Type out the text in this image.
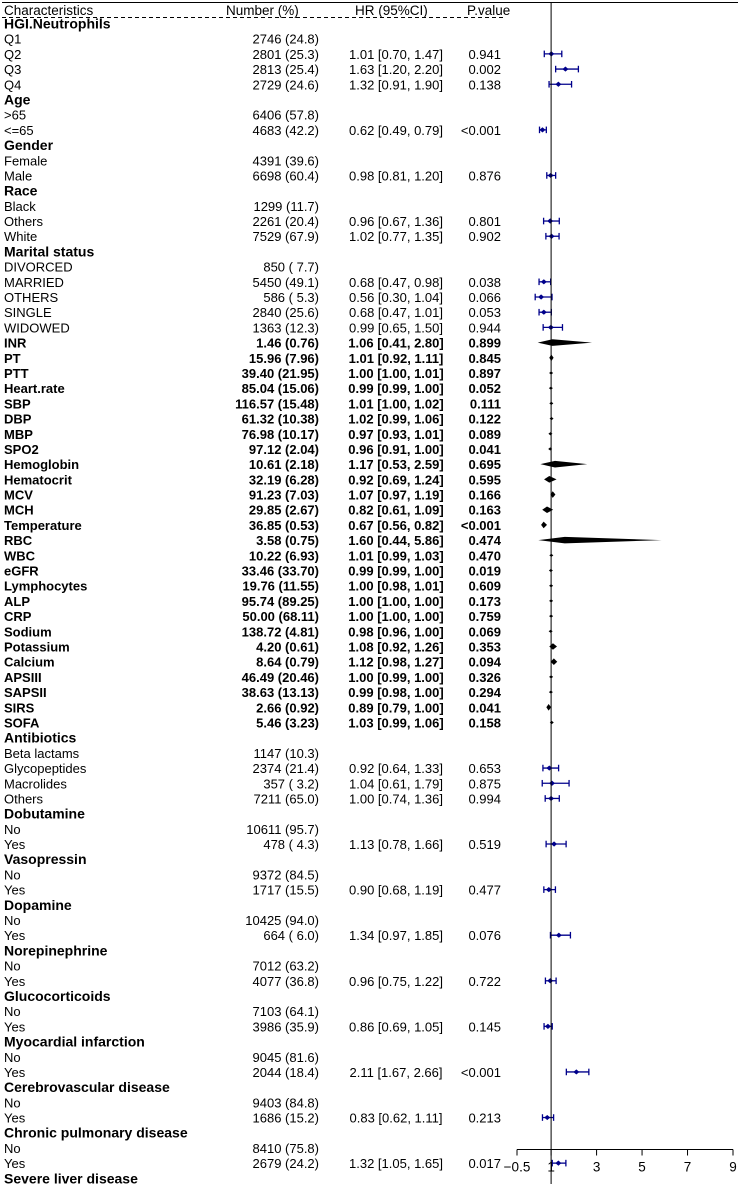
Characteristics	Number (%)	HR (95%CI)	P.value
HGI.Neutrophils
Q1	2746 (24.8)
Q2	2801 (25.3) 1.01 [0.70, 1.47] 0.941
Q3	2813 (25.4) 1.63 [1.20, 2.20] 0.002
Q4	2729 (24.6) 1.32 [0.91, 1.90] 0.138
Age
>65	6406 (57.8)
<=65	4683 (42.2) 0.62 [0.49, 0.79] <0.001
Gender
Female	4391 (39.6)
Male	6698 (60.4) 0.98 [0.81, 1.20] 0.876
Race
Black	1299 (11.7)
Others	2261 (20.4) 0.96 [0.67, 1.36] 0.801
White	7529 (67.9) 1.02 [0.77, 1.35] 0.902
Marital status
DIVORCED	850 ( 7.7)
MARRIED	5450 (49.1) 0.68 [0.47, 0.98] 0.038
OTHERS	586 ( 5.3) 0.56 [0.30, 1.04] 0.066
SINGLE	2840 (25.6) 0.68 [0.47, 1.01] 0.053
WIDOWED	1363 (12.3) 0.99 [0.65, 1.50] 0.944
INR	1.46 (0.76) 1.06 [0.41, 2.80] 0.899
PT	15.96 (7.96) 1.01 [0.92, 1.11] 0.845
PTT	39.40 (21.95) 1.00 [1.00, 1.01] 0.897
Heart.rate	85.04 (15.06) 0.99 [0.99, 1.00] 0.052
SBP	116.57 (15.48) 1.01 [1.00, 1.02] 0.111
DBP	61.32 (10.38) 1.02 [0.99, 1.06] 0.122
MBP	76.98 (10.17) 0.97 [0.93, 1.01] 0.089
SPO2	97.12 (2.04) 0.96 [0.91, 1.00] 0.041
Hemoglobin	10.61 (2.18) 1.17 [0.53, 2.59] 0.695
Hematocrit	32.19 (6.28) 0.92 [0.69, 1.24] 0.595
MCV	91.23 (7.03) 1.07 [0.97, 1.19] 0.166
MCH	29.85 (2.67) 0.82 [0.61, 1.09] 0.163
Temperature	36.85 (0.53) 0.67 [0.56, 0.82] <0.001
RBC	3.58 (0.75) 1.60 [0.44, 5.86] 0.474
WBC	10.22 (6.93) 1.01 [0.99, 1.03] 0.470
eGFR	33.46 (33.70) 0.99 [0.99, 1.00] 0.019
Lymphocytes	19.76 (11.55) 1.00 [0.98, 1.01] 0.609
ALP	95.74 (89.25) 1.00 [1.00, 1.00] 0.173
CRP	50.00 (68.11) 1.00 [1.00, 1.00] 0.759
Sodium	138.72 (4.81) 0.98 [0.96, 1.00] 0.069
Potassium	4.20 (0.61) 1.08 [0.92, 1.26] 0.353
Calcium	8.64 (0.79) 1.12 [0.98, 1.27] 0.094
APSIII	46.49 (20.46) 1.00 [0.99, 1.00] 0.326
SAPSII	38.63 (13.13) 0.99 [0.98, 1.00] 0.294
SIRS	2.66 (0.92) 0.89 [0.79, 1.00] 0.041
SOFA	5.46 (3.23) 1.03 [0.99, 1.06] 0.158
Antibiotics
Beta lactams	1147 (10.3)
Glycopeptides	2374 (21.4) 0.92 [0.64, 1.33] 0.653
Macrolides	357 ( 3.2) 1.04 [0.61, 1.79] 0.875
Others	7211 (65.0) 1.00 [0.74, 1.36] 0.994
Dobutamine
No	10611 (95.7)
Yes	478 ( 4.3) 1.13 [0.78, 1.66] 0.519
Vasopressin
No	9372 (84.5)
Yes	1717 (15.5) 0.90 [0.68, 1.19] 0.477
Dopamine
No	10425 (94.0)
Yes	664 ( 6.0) 1.34 [0.97, 1.85] 0.076
Norepinephrine
No	7012 (63.2)
Yes	4077 (36.8) 0.96 [0.75, 1.22] 0.722
Glucocorticoids
No	7103 (64.1)
Yes	3986 (35.9) 0.86 [0.69, 1.05] 0.145
Myocardial infarction
No	9045 (81.6)
Yes	2044 (18.4) 2.11 [1.67, 2.66] <0.001
Cerebrovascular disease
No	9403 (84.8)
Yes	1686 (15.2) 0.83 [0.62, 1.11] 0.213
Chronic pulmonary disease
No	8410 (75.8)
Yes	2679 (24.2) 1.32 [1.05, 1.65] 0.017
Severe liver disease
−0.5 1	3	5	7	9
